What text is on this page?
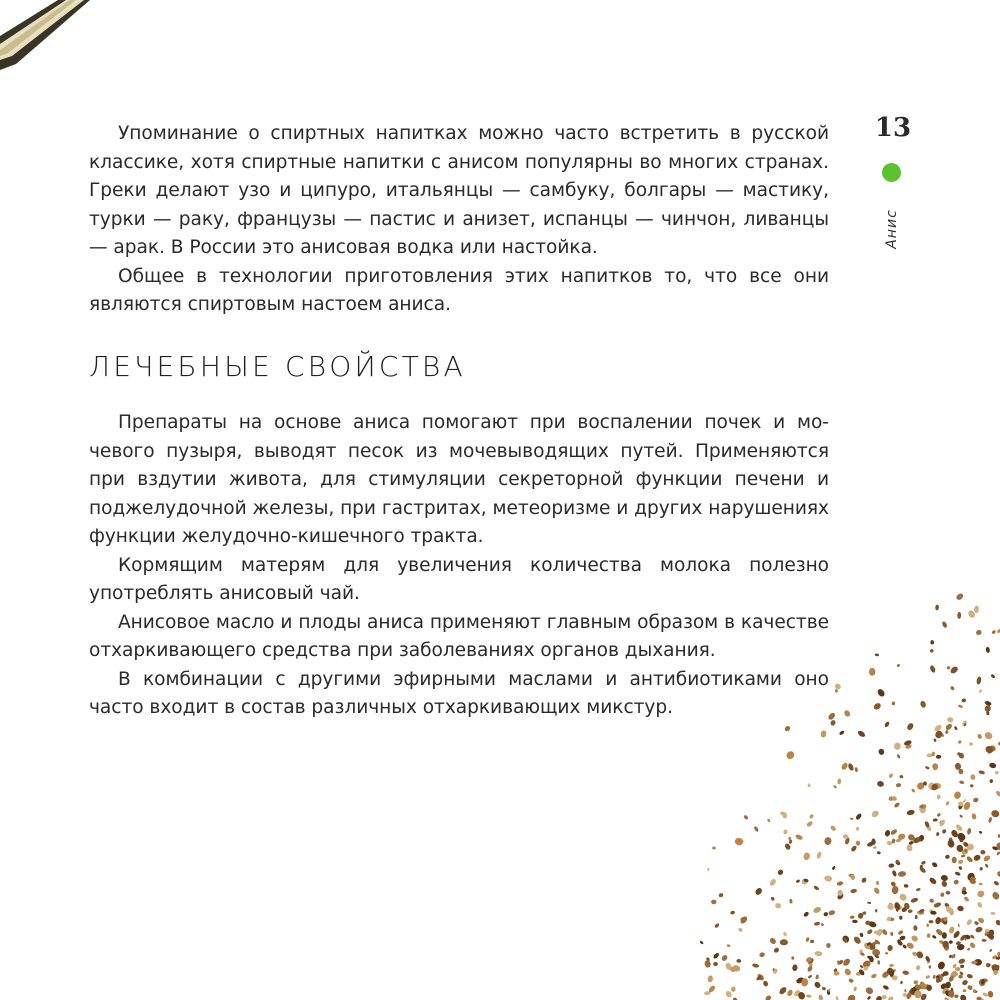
13
Анис

Упоминание о спиртных напитках можно часто встретить в русской классике, хотя спиртные напитки с анисом популярны во многих странах. Греки делают узо и ципуро, итальянцы — самбуку, болгары — мастику, турки — раку, французы — пастис и анизет, испанцы — чинчон, ливанцы — арак. В России это анисовая водка или настойка.

Общее в технологии приготовления этих напитков то, что все они являются спиртовым настоем аниса.

ЛЕЧЕБНЫЕ СВОЙСТВА

Препараты на основе аниса помогают при воспалении почек и мочевого пузыря, выводят песок из мочевыводящих путей. Применяются при вздутии живота, для стимуляции секреторной функции печени и поджелудочной железы, при гастритах, метеоризме и других нарушениях функции желудочно-кишечного тракта.

Кормящим матерям для увеличения количества молока полезно употреблять анисовый чай.

Анисовое масло и плоды аниса применяют главным образом в качестве отхаркивающего средства при заболеваниях органов дыхания.

В комбинации с другими эфирными маслами и антибиотиками оно часто входит в состав различных отхаркивающих микстур.
